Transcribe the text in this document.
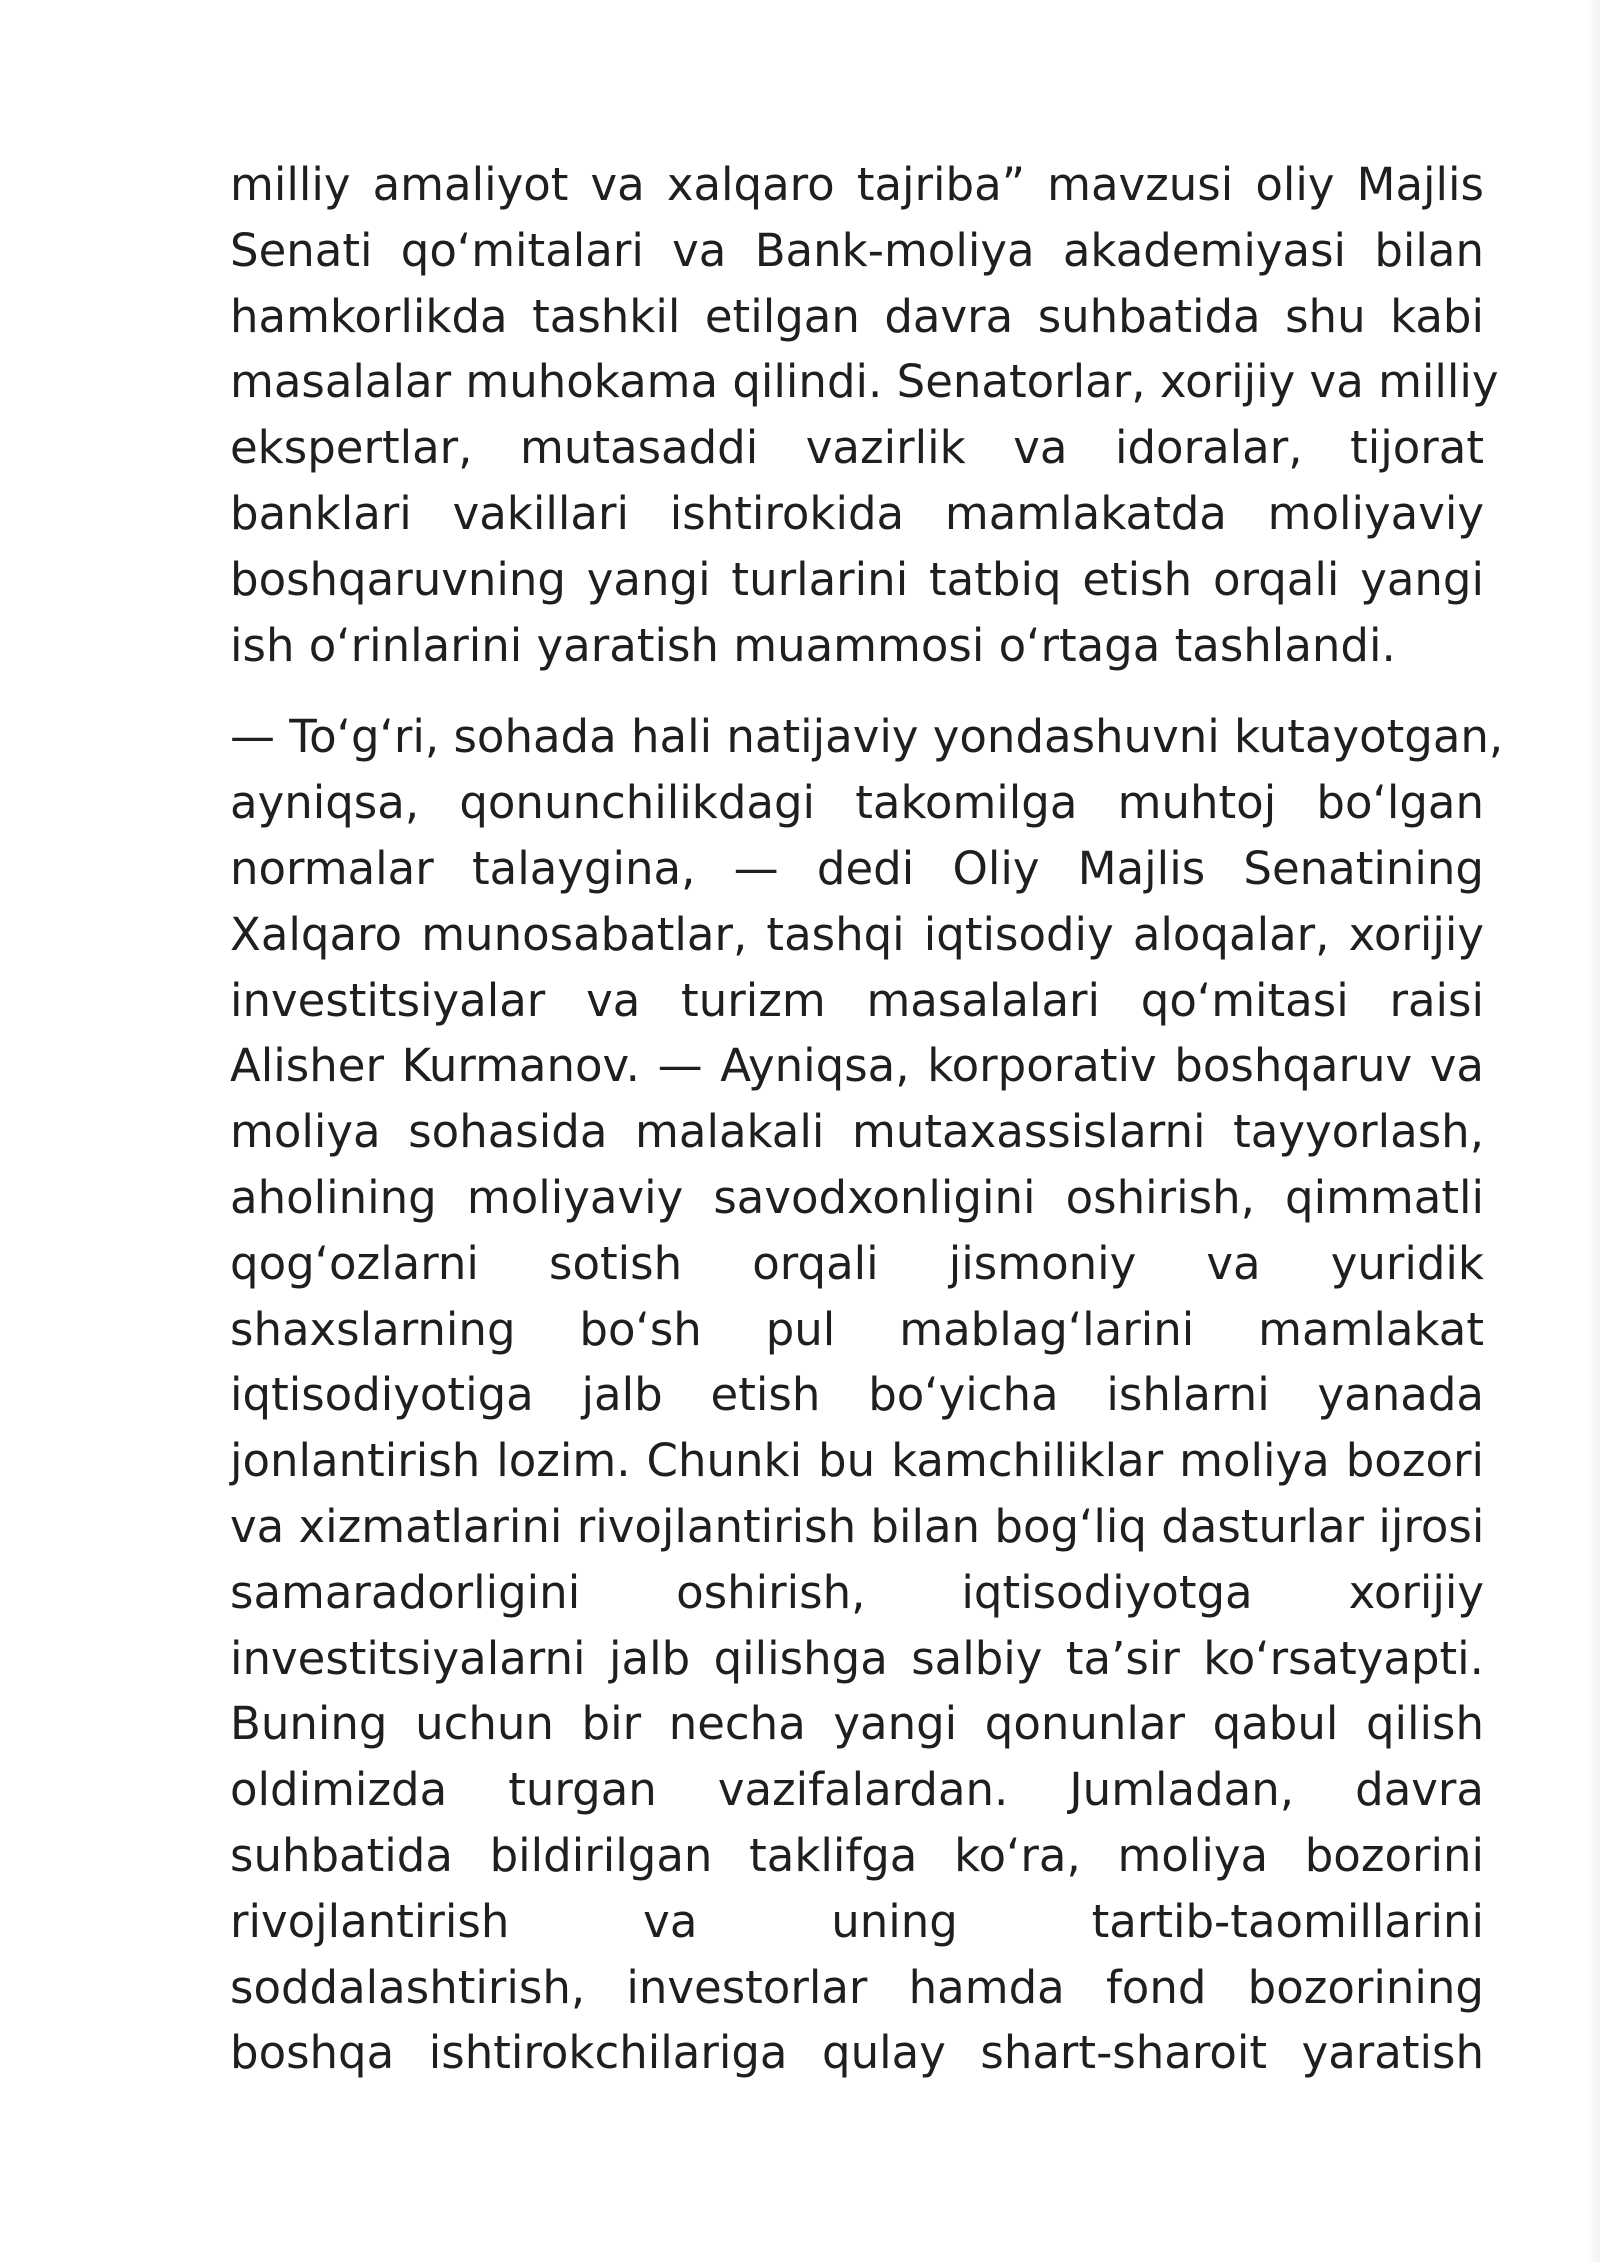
milliy amaliyot va xalqaro tajriba” mavzusi oliy Majlis
Senati qo‘mitalari va Bank-moliya akademiyasi bilan
hamkorlikda tashkil etilgan davra suhbatida shu kabi
masalalar muhokama qilindi. Senatorlar, xorijiy va milliy
ekspertlar, mutasaddi vazirlik va idoralar, tijorat
banklari vakillari ishtirokida mamlakatda moliyaviy
boshqaruvning yangi turlarini tatbiq etish orqali yangi
ish o‘rinlarini yaratish muammosi o‘rtaga tashlandi.
— To‘g‘ri, sohada hali natijaviy yondashuvni kutayotgan,
ayniqsa, qonunchilikdagi takomilga muhtoj bo‘lgan
normalar talaygina, — dedi Oliy Majlis Senatining
Xalqaro munosabatlar, tashqi iqtisodiy aloqalar, xorijiy
investitsiyalar va turizm masalalari qo‘mitasi raisi
Alisher Kurmanov. — Ayniqsa, korporativ boshqaruv va
moliya sohasida malakali mutaxassislarni tayyorlash,
aholining moliyaviy savodxonligini oshirish, qimmatli
qog‘ozlarni sotish orqali jismoniy va yuridik
shaxslarning bo‘sh pul mablag‘larini mamlakat
iqtisodiyotiga jalb etish bo‘yicha ishlarni yanada
jonlantirish lozim. Chunki bu kamchiliklar moliya bozori
va xizmatlarini rivojlantirish bilan bog‘liq dasturlar ijrosi
samaradorligini oshirish, iqtisodiyotga xorijiy
investitsiyalarni jalb qilishga salbiy ta’sir ko‘rsatyapti.
Buning uchun bir necha yangi qonunlar qabul qilish
oldimizda turgan vazifalardan. Jumladan, davra
suhbatida bildirilgan taklifga ko‘ra, moliya bozorini
rivojlantirish va uning tartib-taomillarini
soddalashtirish, investorlar hamda fond bozorining
boshqa ishtirokchilariga qulay shart-sharoit yaratish
